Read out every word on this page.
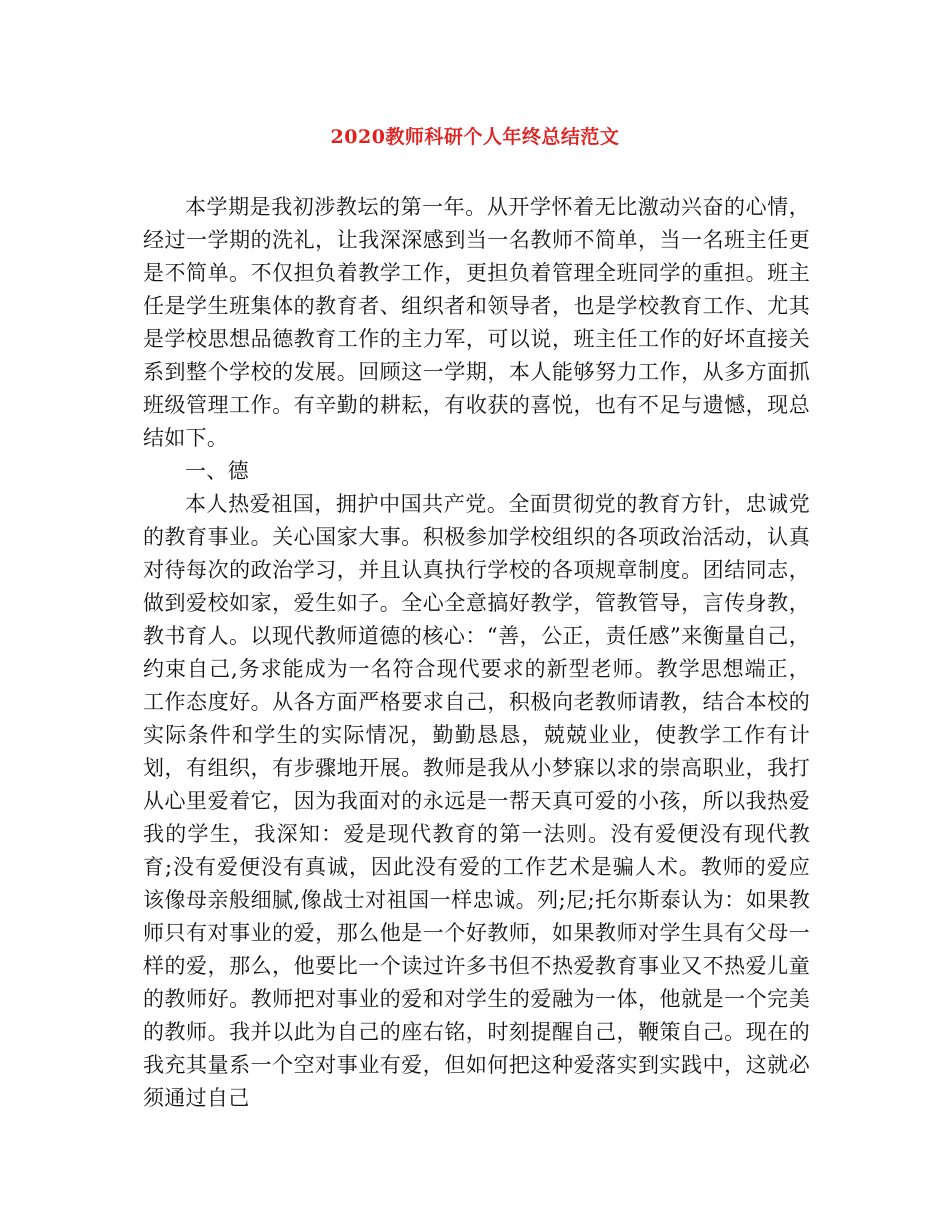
2020教师科研个人年终总结范文

本学期是我初涉教坛的第一年。从开学怀着无比激动兴奋的心情，经过一学期的洗礼，让我深深感到当一名教师不简单，当一名班主任更是不简单。不仅担负着教学工作，更担负着管理全班同学的重担。班主任是学生班集体的教育者、组织者和领导者，也是学校教育工作、尤其是学校思想品德教育工作的主力军，可以说，班主任工作的好坏直接关系到整个学校的发展。回顾这一学期，本人能够努力工作，从多方面抓班级管理工作。有辛勤的耕耘，有收获的喜悦，也有不足与遗憾，现总结如下。

一、德

本人热爱祖国，拥护中国共产党。全面贯彻党的教育方针，忠诚党的教育事业。关心国家大事。积极参加学校组织的各项政治活动，认真对待每次的政治学习，并且认真执行学校的各项规章制度。团结同志，做到爱校如家，爱生如子。全心全意搞好教学，管教管导，言传身教，教书育人。以现代教师道德的核心：“善，公正，责任感”来衡量自己，约束自己,务求能成为一名符合现代要求的新型老师。教学思想端正，工作态度好。从各方面严格要求自己，积极向老教师请教，结合本校的实际条件和学生的实际情况，勤勤恳恳，兢兢业业，使教学工作有计划，有组织，有步骤地开展。教师是我从小梦寐以求的崇高职业，我打从心里爱着它，因为我面对的永远是一帮天真可爱的小孩，所以我热爱我的学生，我深知：爱是现代教育的第一法则。没有爱便没有现代教育;没有爱便没有真诚，因此没有爱的工作艺术是骗人术。教师的爱应该像母亲般细腻,像战士对祖国一样忠诚。列;尼;托尔斯泰认为：如果教师只有对事业的爱，那么他是一个好教师，如果教师对学生具有父母一样的爱，那么，他要比一个读过许多书但不热爱教育事业又不热爱儿童的教师好。教师把对事业的爱和对学生的爱融为一体，他就是一个完美的教师。我并以此为自己的座右铭，时刻提醒自己，鞭策自己。现在的我充其量系一个空对事业有爱，但如何把这种爱落实到实践中，这就必须通过自己
